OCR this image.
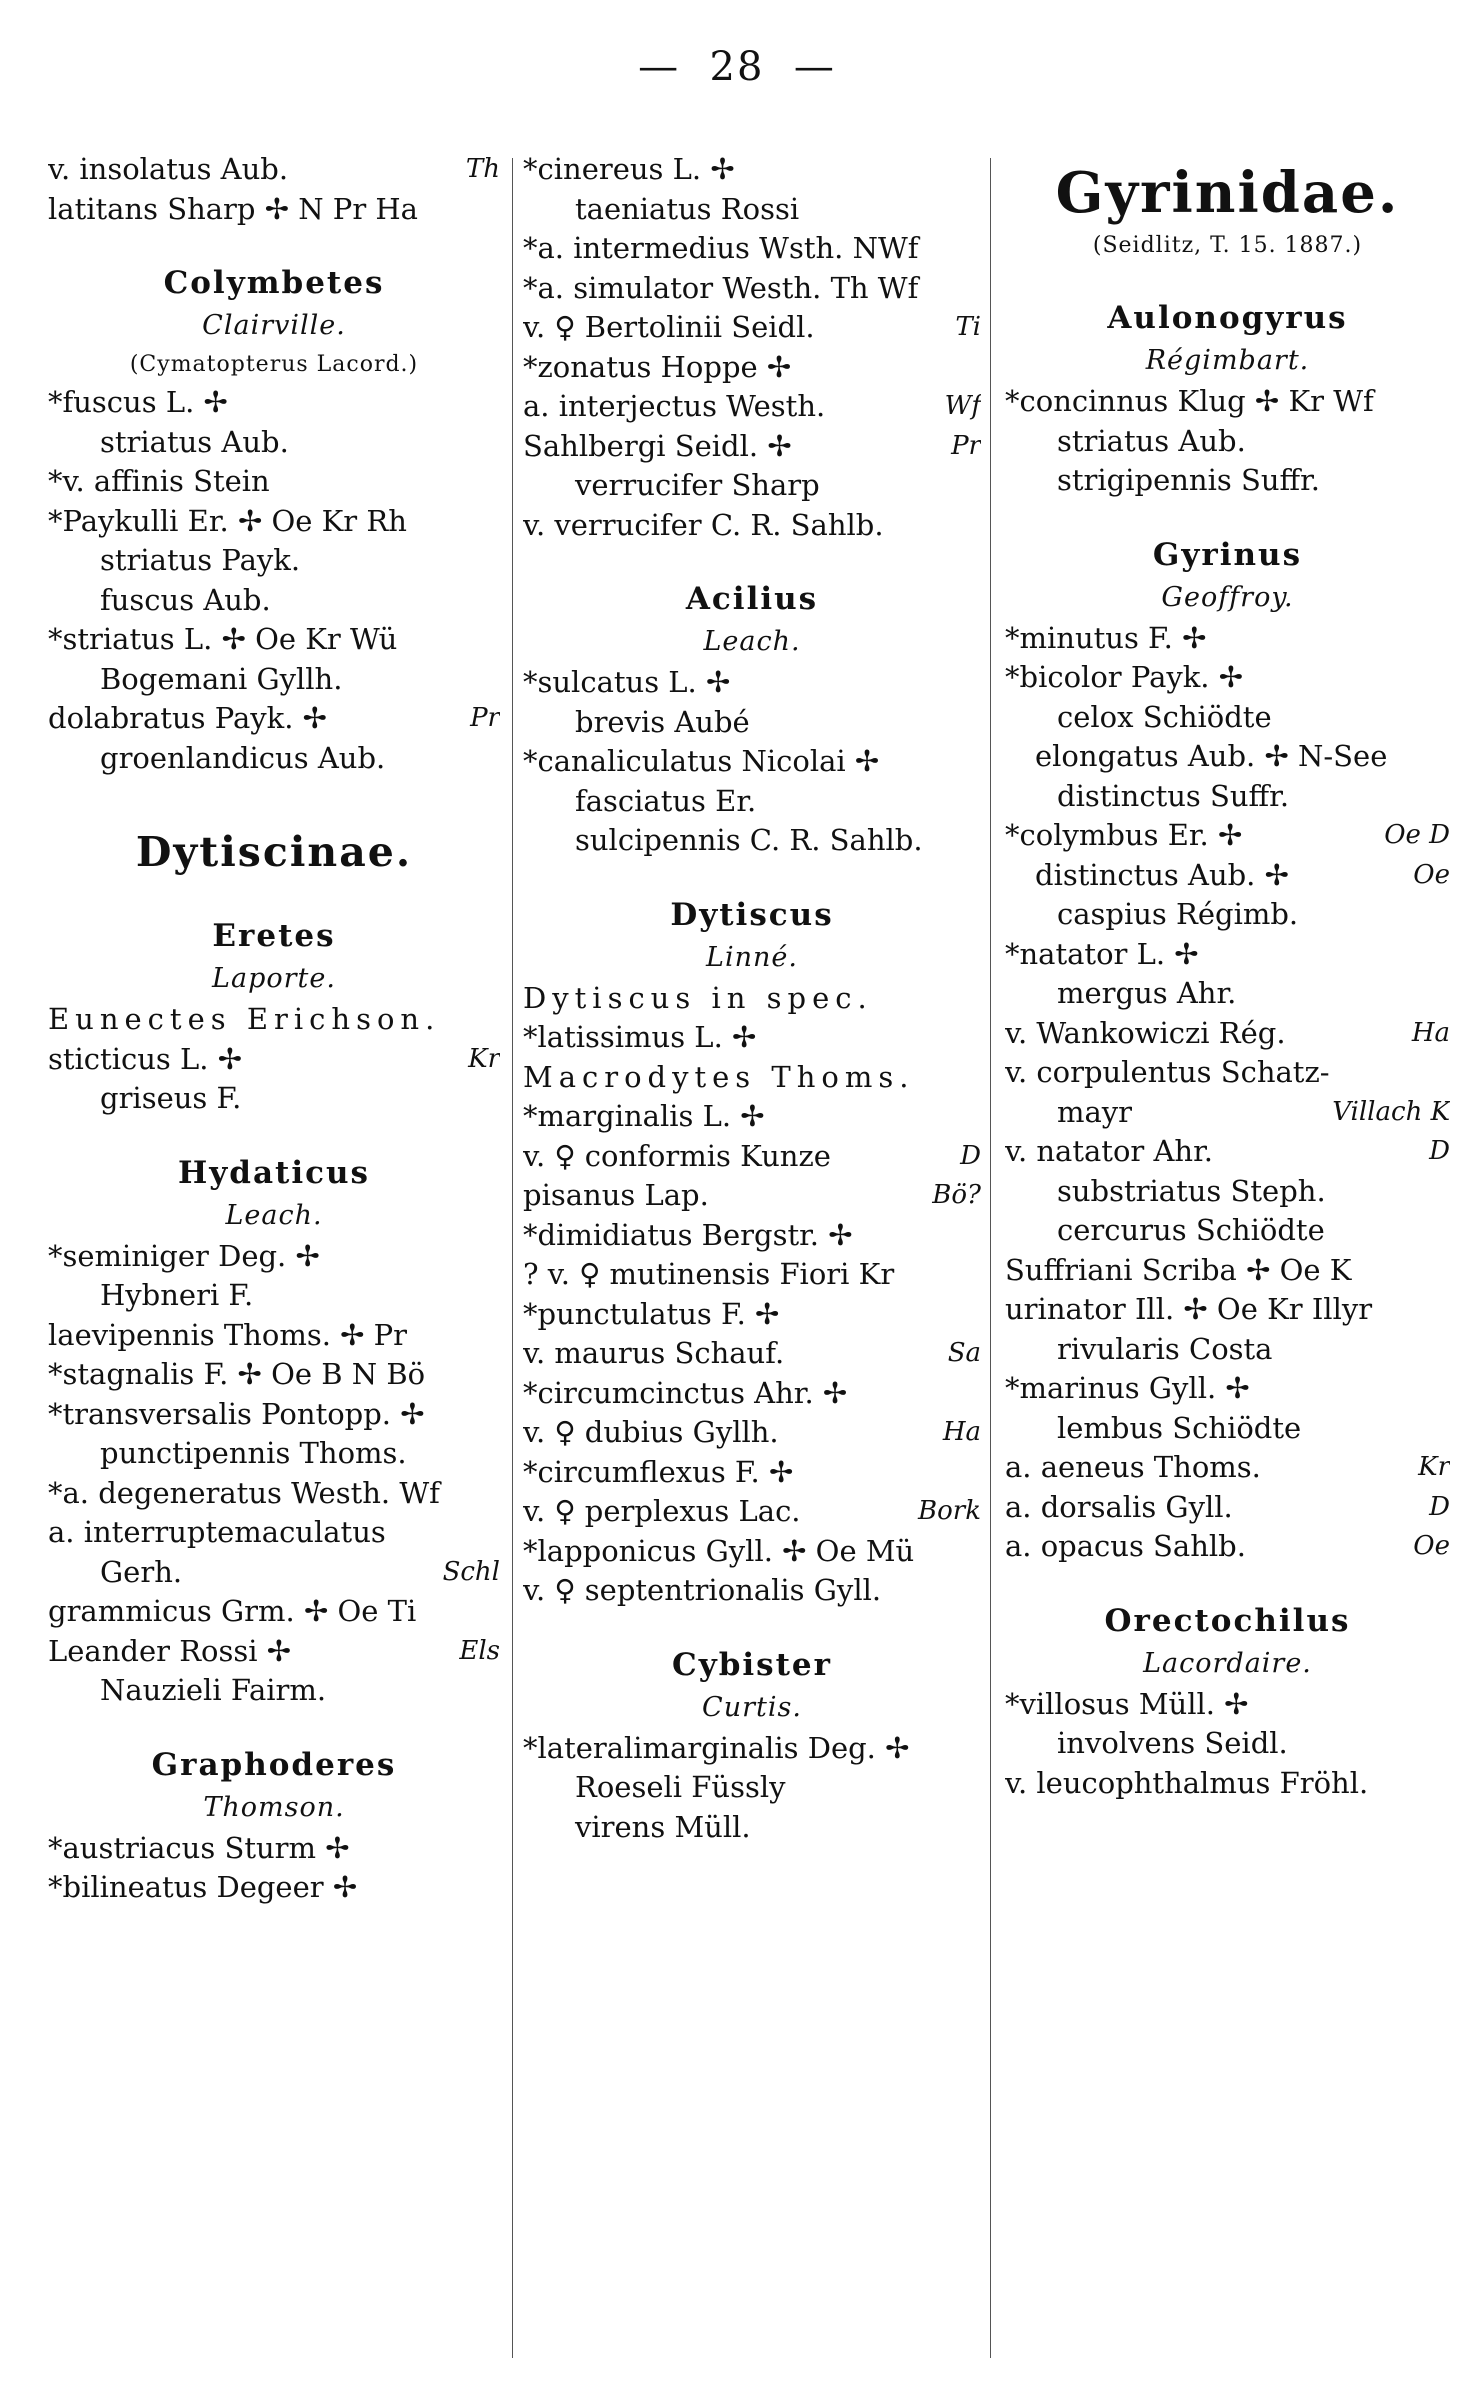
—  28  —
v. insolatus Aub.	Th
latitans Sharp ✢ N Pr Ha
Colymbetes
Clairville.
(Cymatopterus Lacord.)
*fuscus L. ✢
striatus Aub.
*v. affinis Stein
*Paykulli Er. ✢ Oe Kr Rh
striatus Payk.
fuscus Aub.
*striatus L. ✢ Oe Kr Wü
Bogemani Gyllh.
dolabratus Payk. ✢	Pr
groenlandicus Aub.
Dytiscinae.
Eretes
Laporte.
Eunectes Erichson.
sticticus L. ✢	Kr
griseus F.
Hydaticus
Leach.
*seminiger Deg. ✢
Hybneri F.
laevipennis Thoms. ✢ Pr
*stagnalis F. ✢ Oe B N Bö
*transversalis Pontopp. ✢
punctipennis Thoms.
*a. degeneratus Westh. Wf
a. interruptemaculatus
Gerh.	Schl
grammicus Grm. ✢ Oe Ti
Leander Rossi ✢	Els
Nauzieli Fairm.
Graphoderes
Thomson.
*austriacus Sturm ✢
*bilineatus Degeer ✢
*cinereus L. ✢
taeniatus Rossi
*a. intermedius Wsth. NWf
*a. simulator Westh. Th Wf
v. ♀ Bertolinii Seidl.	Ti
*zonatus Hoppe ✢
a. interjectus Westh.	Wf
Sahlbergi Seidl. ✢	Pr
verrucifer Sharp
v. verrucifer C. R. Sahlb.
Acilius
Leach.
*sulcatus L. ✢
brevis Aubé
*canaliculatus Nicolai ✢
fasciatus Er.
sulcipennis C. R. Sahlb.
Dytiscus
Linné.
Dytiscus in spec.
*latissimus L. ✢
Macrodytes Thoms.
*marginalis L. ✢
v. ♀ conformis Kunze	D
pisanus Lap.	Bö?
*dimidiatus Bergstr. ✢
? v. ♀ mutinensis Fiori Kr
*punctulatus F. ✢
v. maurus Schauf.	Sa
*circumcinctus Ahr. ✢
v. ♀ dubius Gyllh.	Ha
*circumflexus F. ✢
v. ♀ perplexus Lac.	Bork
*lapponicus Gyll. ✢ Oe Mü
v. ♀ septentrionalis Gyll.
Cybister
Curtis.
*lateralimarginalis Deg. ✢
Roeseli Füssly
virens Müll.
Gyrinidae.
(Seidlitz, T. 15. 1887.)
Aulonogyrus
Régimbart.
*concinnus Klug ✢ Kr Wf
striatus Aub.
strigipennis Suffr.
Gyrinus
Geoffroy.
*minutus F. ✢
*bicolor Payk. ✢
celox Schiödte
elongatus Aub. ✢ N-See
distinctus Suffr.
*colymbus Er. ✢	Oe D
distinctus Aub. ✢	Oe
caspius Régimb.
*natator L. ✢
mergus Ahr.
v. Wankowiczi Rég.	Ha
v. corpulentus Schatz-
mayr	Villach K
v. natator Ahr.	D
substriatus Steph.
cercurus Schiödte
Suffriani Scriba ✢ Oe K
urinator Ill. ✢ Oe Kr Illyr
rivularis Costa
*marinus Gyll. ✢
lembus Schiödte
a. aeneus Thoms.	Kr
a. dorsalis Gyll.	D
a. opacus Sahlb.	Oe
Orectochilus
Lacordaire.
*villosus Müll. ✢
involvens Seidl.
v. leucophthalmus Fröhl.
